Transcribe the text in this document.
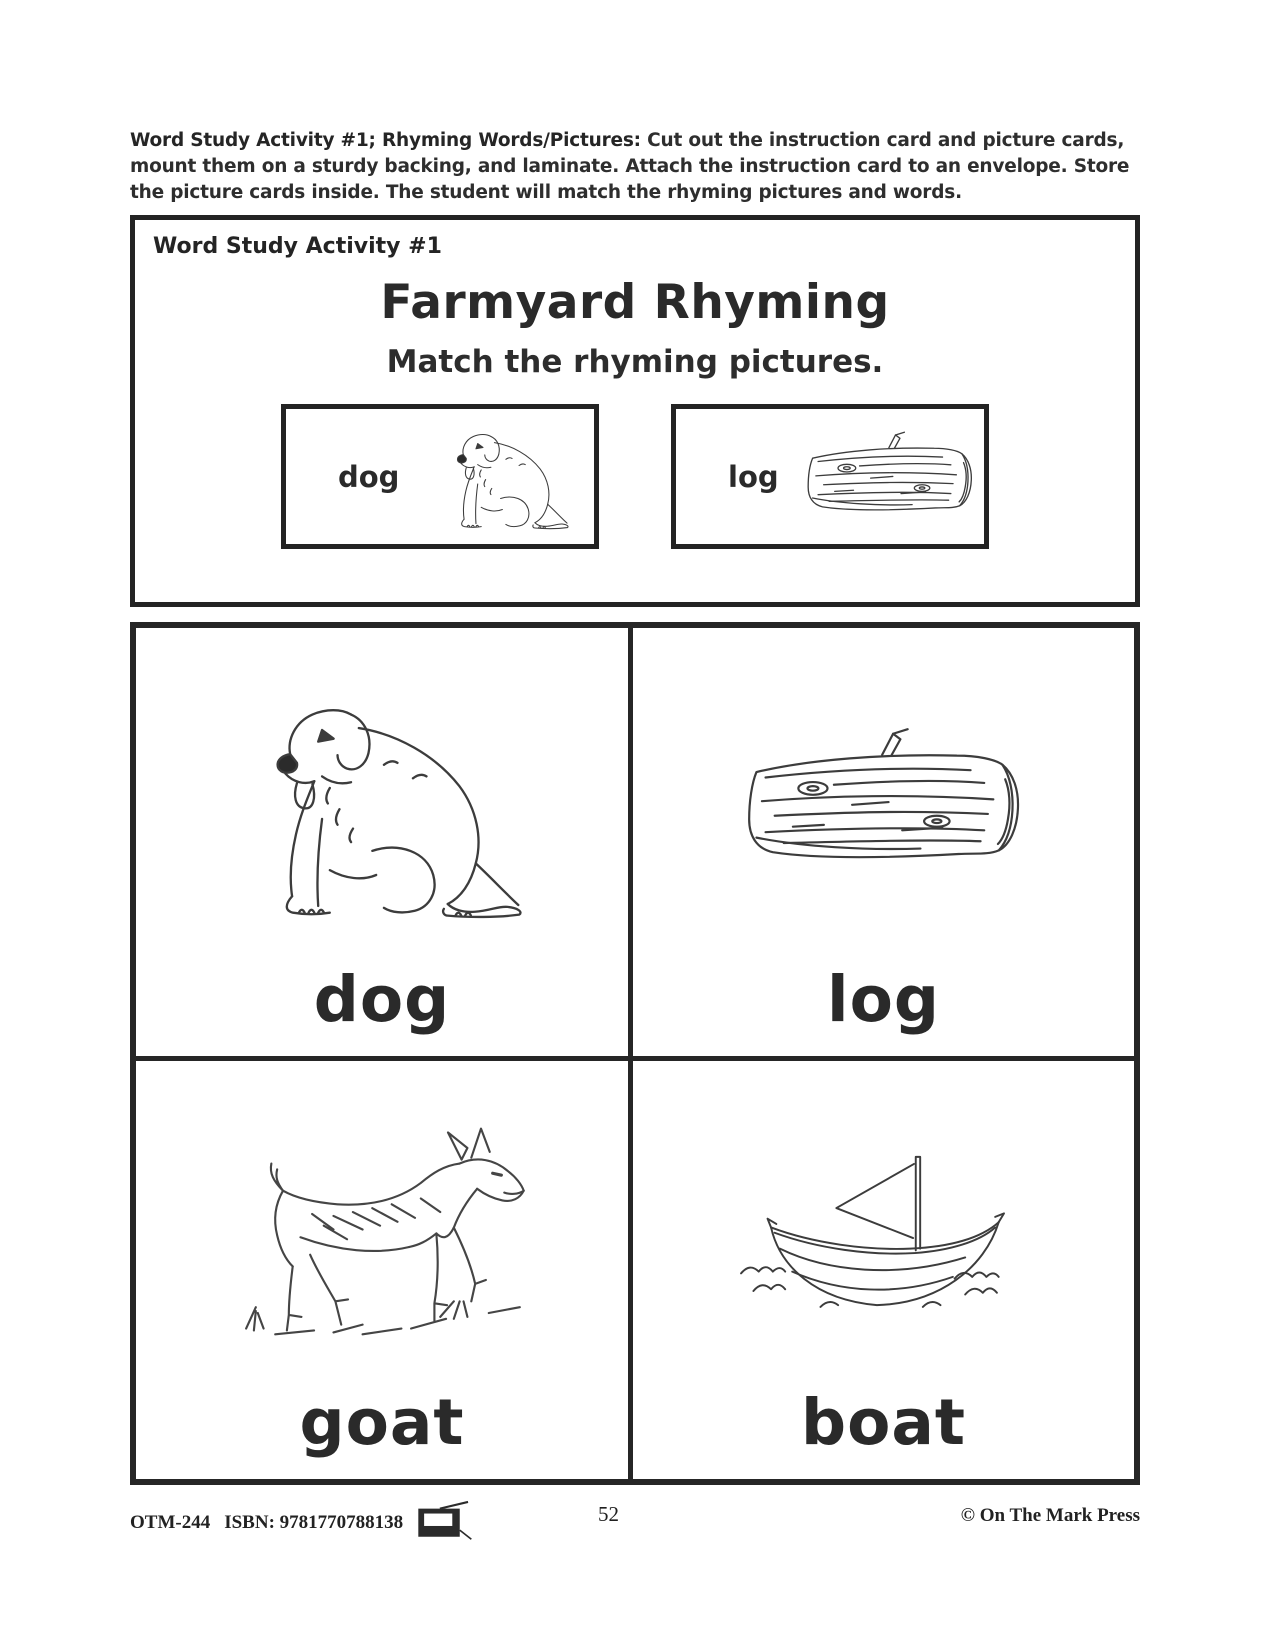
Word Study Activity #1; Rhyming Words/Pictures: Cut out the instruction card and picture cards, mount them on a sturdy backing, and laminate. Attach the instruction card to an envelope. Store the picture cards inside. The student will match the rhyming pictures and words.

Word Study Activity #1
Farmyard Rhyming
Match the rhyming pictures.
dog	log
dog	log
goat	boat
OTM-244 ISBN: 9781770788138	52	© On The Mark Press
